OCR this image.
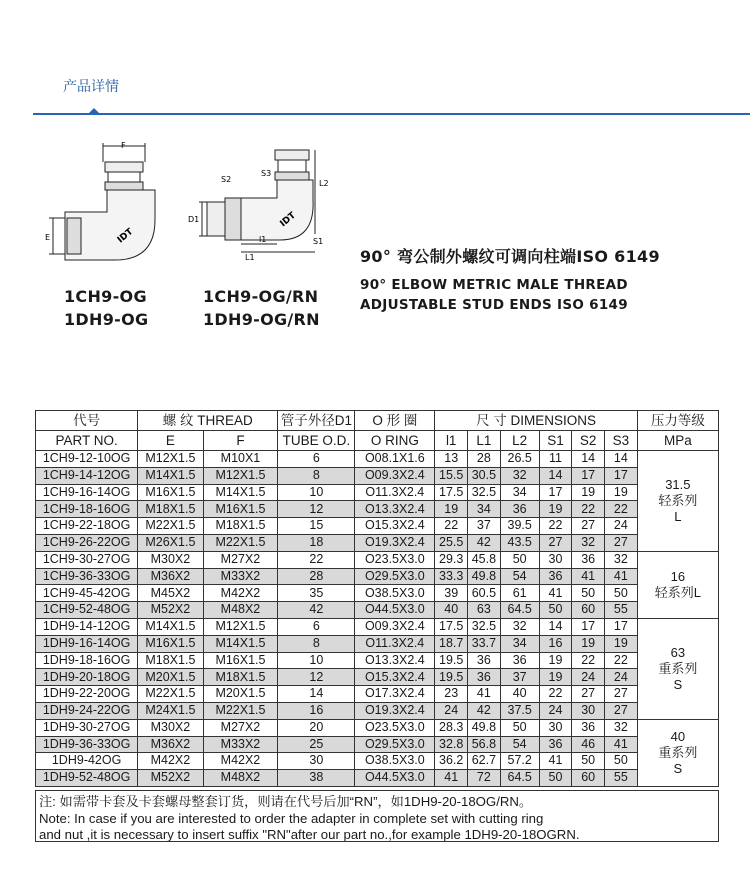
产品详情
F
E	IDT
S2
S3
L2
D1
l1
L1
S1
IDT
1CH9-OG
1DH9-OG
1CH9-OG/RN
1DH9-OG/RN
90° 弯公制外螺纹可调向柱端ISO 6149
90° ELBOW METRIC MALE THREAD
ADJUSTABLE STUD ENDS ISO 6149
代号	螺 纹 THREAD		管子外径D1	O 形 圈	尺 寸 DIMENSIONS						压力等级
PART NO.	E	F	TUBE O.D.	O RING	l1	L1	L2	S1	S2	S3	MPa
1CH9-12-10OG	M12X1.5	M10X1	6	O08.1X1.6	13	28	26.5	11	14	14	31.5
轻系列
L

1CH9-14-12OG	M14X1.5	M12X1.5	8	O09.3X2.4	15.5	30.5	32	14	17	17	
1CH9-16-14OG	M16X1.5	M14X1.5	10	O11.3X2.4	17.5	32.5	34	17	19	19	
1CH9-18-16OG	M18X1.5	M16X1.5	12	O13.3X2.4	19	34	36	19	22	22	
1CH9-22-18OG	M22X1.5	M18X1.5	15	O15.3X2.4	22	37	39.5	22	27	24	
1CH9-26-22OG	M26X1.5	M22X1.5	18	O19.3X2.4	25.5	42	43.5	27	32	27	
1CH9-30-27OG	M30X2	M27X2	22	O23.5X3.0	29.3	45.8	50	30	36	32	16
轻系列L

1CH9-36-33OG	M36X2	M33X2	28	O29.5X3.0	33.3	49.8	54	36	41	41	
1CH9-45-42OG	M45X2	M42X2	35	O38.5X3.0	39	60.5	61	41	50	50	
1CH9-52-48OG	M52X2	M48X2	42	O44.5X3.0	40	63	64.5	50	60	55	
1DH9-14-12OG	M14X1.5	M12X1.5	6	O09.3X2.4	17.5	32.5	32	14	17	17	63
重系列
S

1DH9-16-14OG	M16X1.5	M14X1.5	8	O11.3X2.4	18.7	33.7	34	16	19	19	
1DH9-18-16OG	M18X1.5	M16X1.5	10	O13.3X2.4	19.5	36	36	19	22	22	
1DH9-20-18OG	M20X1.5	M18X1.5	12	O15.3X2.4	19.5	36	37	19	24	24	
1DH9-22-20OG	M22X1.5	M20X1.5	14	O17.3X2.4	23	41	40	22	27	27	
1DH9-24-22OG	M24X1.5	M22X1.5	16	O19.3X2.4	24	42	37.5	24	30	27	
1DH9-30-27OG	M30X2	M27X2	20	O23.5X3.0	28.3	49.8	50	30	36	32	40
重系列
S

1DH9-36-33OG	M36X2	M33X2	25	O29.5X3.0	32.8	56.8	54	36	46	41	
1DH9-42OG	M42X2	M42X2	30	O38.5X3.0	36.2	62.7	57.2	41	50	50	
1DH9-52-48OG	M52X2	M48X2	38	O44.5X3.0	41	72	64.5	50	60	55	
注: 如需带卡套及卡套螺母整套订货，则请在代号后加“RN”，如1DH9-20-18OG/RN。
Note: In case if you are interested to order the adapter in complete set with cutting ring
and nut ,it is necessary to insert suffix "RN"after our part no.,for example 1DH9-20-18OGRN.
